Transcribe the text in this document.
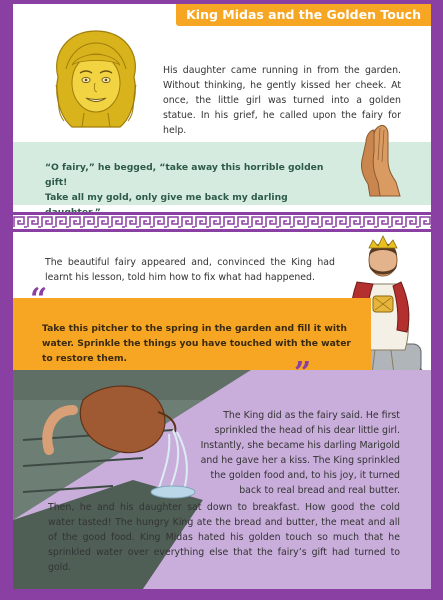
King Midas and the Golden Touch

His daughter came running in from the garden. Without thinking, he gently kissed her cheek. At once, the little girl was turned into a golden statue. In his grief, he called upon the fairy for help.

“O fairy,” he begged, “take away this horrible golden gift!
Take all my gold, only give me back my darling

The beautiful fairy appeared and, convinced the King had learnt his lesson, told him how to fix what had happened.

“

Take this pitcher to the spring in the garden and fill it with water. Sprinkle the things you have touched with the water to restore them.	”

The King did as the fairy said. He first sprinkled the head of his dear little girl. Instantly, she became his darling Marigold and he gave her a kiss. The King sprinkled the golden food and, to his joy, it turned back to real bread and real butter.

Then, he and his daughter sat down to breakfast. How good the cold water tasted! The hungry King ate the bread and butter, the meat and all of the good food. King Midas hated his golden touch so much that he sprinkled water over everything else that the fairy’s gift had turned to gold.
